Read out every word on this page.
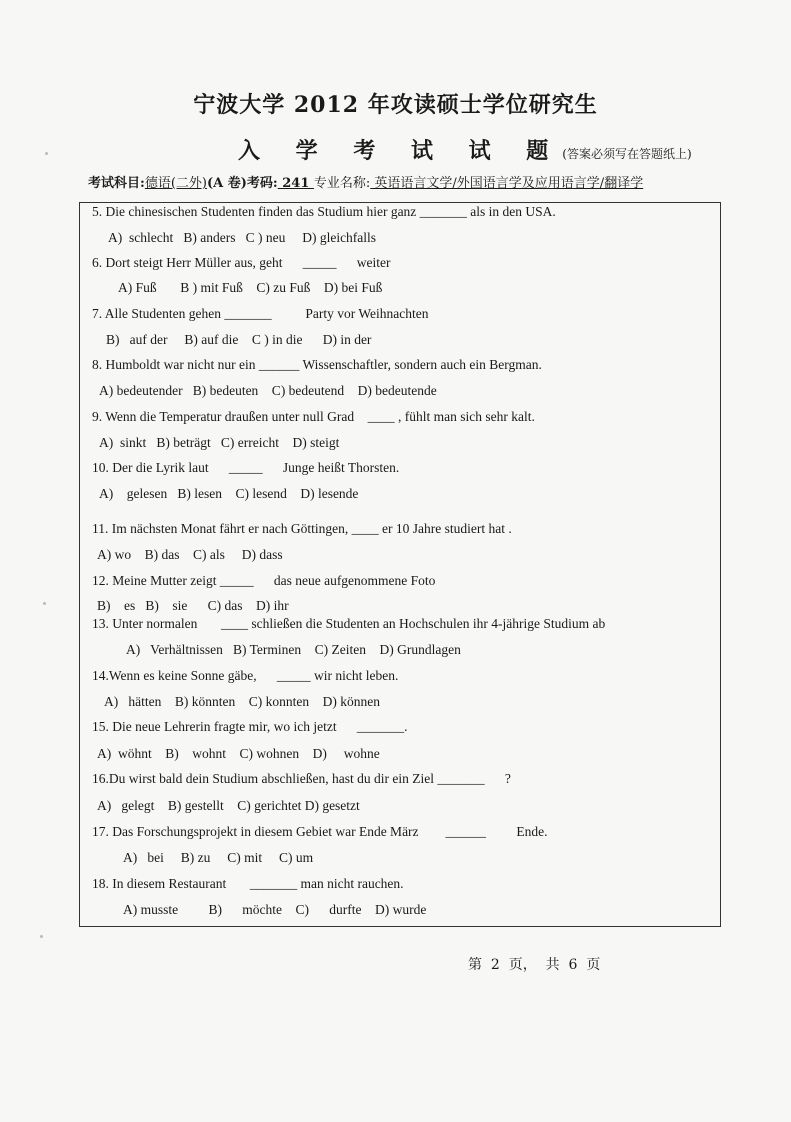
宁波大学 2012 年攻读硕士学位研究生
入 学 考 试 试 题(答案必须写在答题纸上)
考试科目:德语(二外)(A 卷)考码: 241 专业名称: 英语语言文学/外国语言学及应用语言学/翻译学
5. Die chinesischen Studenten finden das Studium hier ganz _______ als in den USA.
A)  schlecht   B) anders   C ) neu     D) gleichfalls
6. Dort steigt Herr Müller aus, geht      _____      weiter
A) Fuß       B ) mit Fuß    C) zu Fuß    D) bei Fuß
7. Alle Studenten gehen _______          Party vor Weihnachten
B)   auf der     B) auf die    C ) in die      D) in der
8. Humboldt war nicht nur ein ______ Wissenschaftler, sondern auch ein Bergman.
A) bedeutender   B) bedeuten    C) bedeutend    D) bedeutende
9. Wenn die Temperatur draußen unter null Grad    ____ , fühlt man sich sehr kalt.
A)  sinkt   B) beträgt   C) erreicht    D) steigt
10. Der die Lyrik laut      _____      Junge heißt Thorsten.
A)    gelesen   B) lesen    C) lesend    D) lesende
11. Im nächsten Monat fährt er nach Göttingen, ____ er 10 Jahre studiert hat .
A) wo    B) das    C) als     D) dass
12. Meine Mutter zeigt _____      das neue aufgenommene Foto
B)    es   B)    sie      C) das    D) ihr
13. Unter normalen       ____ schließen die Studenten an Hochschulen ihr 4-jährige Studium ab
A)   Verhältnissen   B) Terminen    C) Zeiten    D) Grundlagen
14.Wenn es keine Sonne gäbe,      _____ wir nicht leben.
A)   hätten    B) könnten    C) konnten    D) können
15. Die neue Lehrerin fragte mir, wo ich jetzt      _______.
A)  wöhnt    B)    wohnt    C) wohnen    D)     wohne
16.Du wirst bald dein Studium abschließen, hast du dir ein Ziel _______      ?
A)   gelegt    B) gestellt    C) gerichtet D) gesetzt
17. Das Forschungsprojekt in diesem Gebiet war Ende März        ______         Ende.
A)   bei     B) zu     C) mit     C) um
18. In diesem Restaurant       _______ man nicht rauchen.
A) musste         B)      möchte    C)      durfte    D) wurde
第  2  页，  共  6  页
